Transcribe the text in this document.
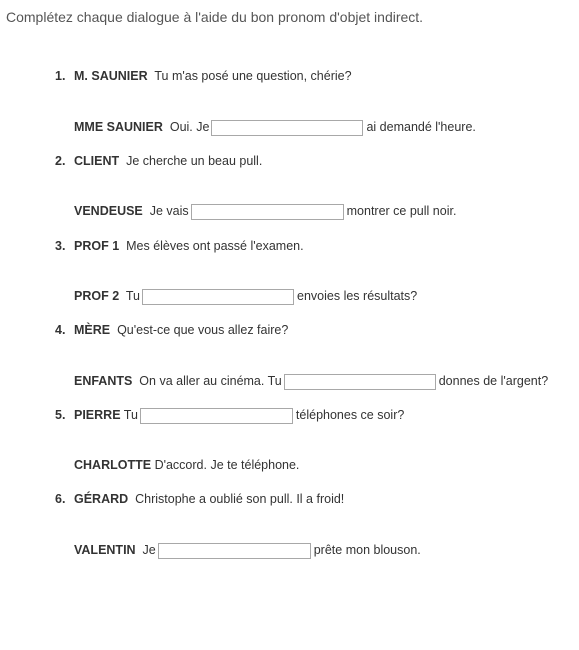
Complétez chaque dialogue à l'aide du bon pronom d'objet indirect.
1. M. SAUNIER Tu m'as posé une question, chérie?
MME SAUNIER Oui. Je	ai demandé l'heure.
2. CLIENT Je cherche un beau pull.
VENDEUSE Je vais	montrer ce pull noir.
3. PROF 1 Mes élèves ont passé l'examen.
PROF 2 Tu	envoies les résultats?
4. MÈRE Qu'est-ce que vous allez faire?
ENFANTS On va aller au cinéma. Tu	donnes de l'argent?
5. PIERRE Tu	téléphones ce soir?
CHARLOTTE D'accord. Je te téléphone.
6. GÉRARD Christophe a oublié son pull. Il a froid!
VALENTIN Je	prête mon blouson.
